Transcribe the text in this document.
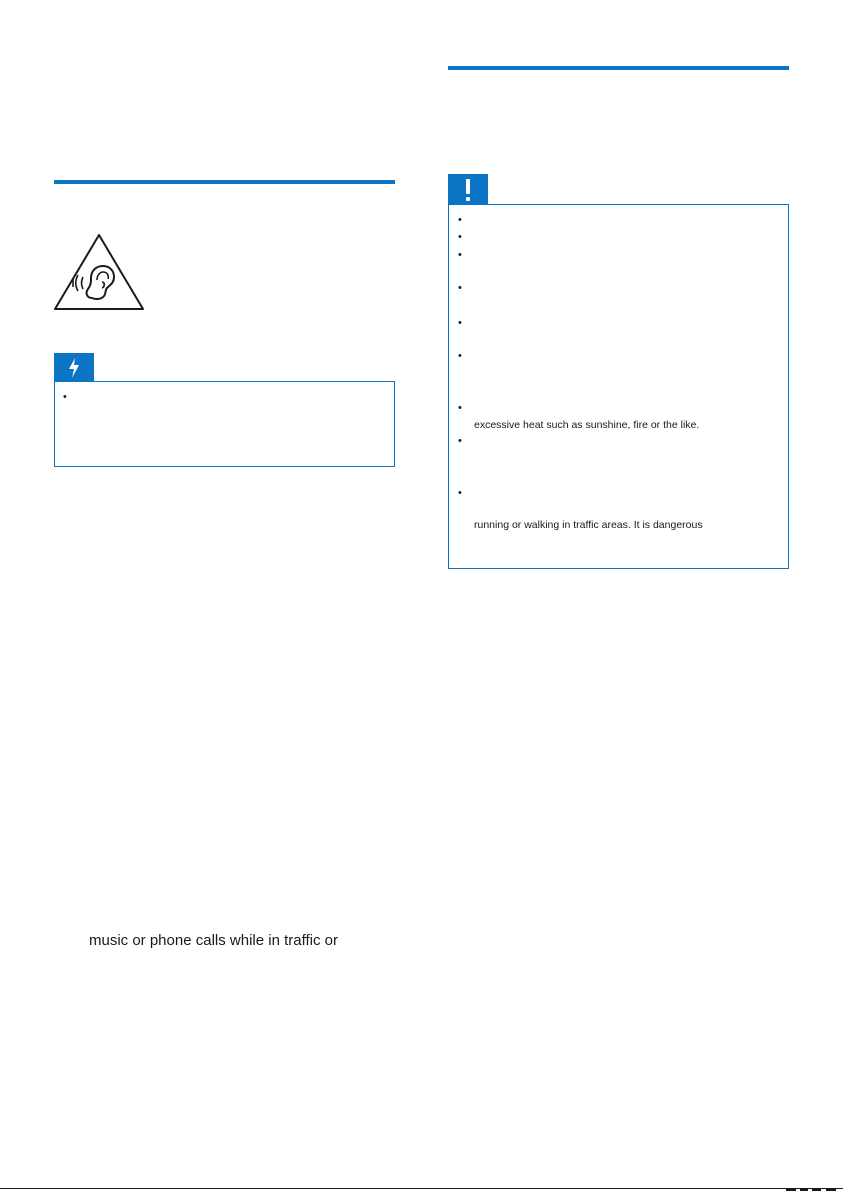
•
music or phone calls while in traffic or
•
•
•
•
•
•
•
excessive heat such as sunshine, fire or the like.
•
•
running or walking in traffic areas. It is dangerous
